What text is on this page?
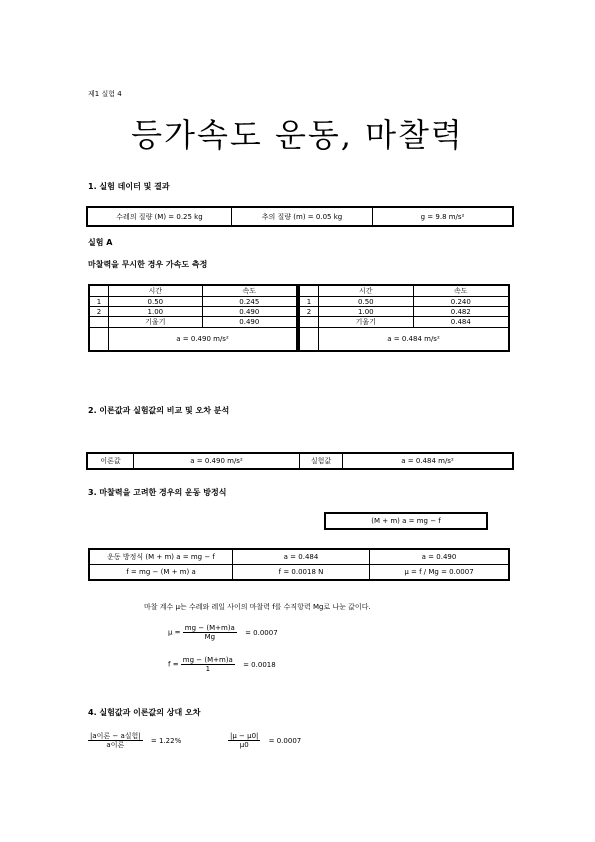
제1 실험 4
등가속도 운동, 마찰력
1. 실험 데이터 및 결과
수레의 질량 (M) = 0.25 kg	추의 질량 (m) = 0.05 kg	g = 9.8 m/s²
실험 A
마찰력을 무시한 경우 가속도 측정
	시간	속도
1	0.50	0.245
2	1.00	0.490
	기울기	0.490
	a = 0.490 m/s²	
	시간	속도
1	0.50	0.240
2	1.00	0.482
	기울기	0.484
	a = 0.484 m/s²	
2. 이론값과 실험값의 비교 및 오차 분석
이론값	a = 0.490 m/s²	실험값	a = 0.484 m/s²
3. 마찰력을 고려한 경우의 운동 방정식
(M + m) a = mg − f
운동 방정식 (M + m) a = mg − f	a = 0.484	a = 0.490
f = mg − (M + m) a	f = 0.0018 N	μ = f / Mg = 0.0007
마찰 계수 μ는 수레와 레일 사이의 마찰력 f를 수직항력 Mg로 나눈 값이다.
$\mu = \frac{mg - (M+m)a}{Mg} = 0.0007$
$f = \frac{mg - (M+m)a}{1} = 0.0018$
4. 실험값과 이론값의 상대 오차
$\frac{\text{|a이론 − a실험|}}{\text{a이론}} = 1.22\%$	$\frac{|\mu - \mu 0|}{\mu 0} = 0.0007$
